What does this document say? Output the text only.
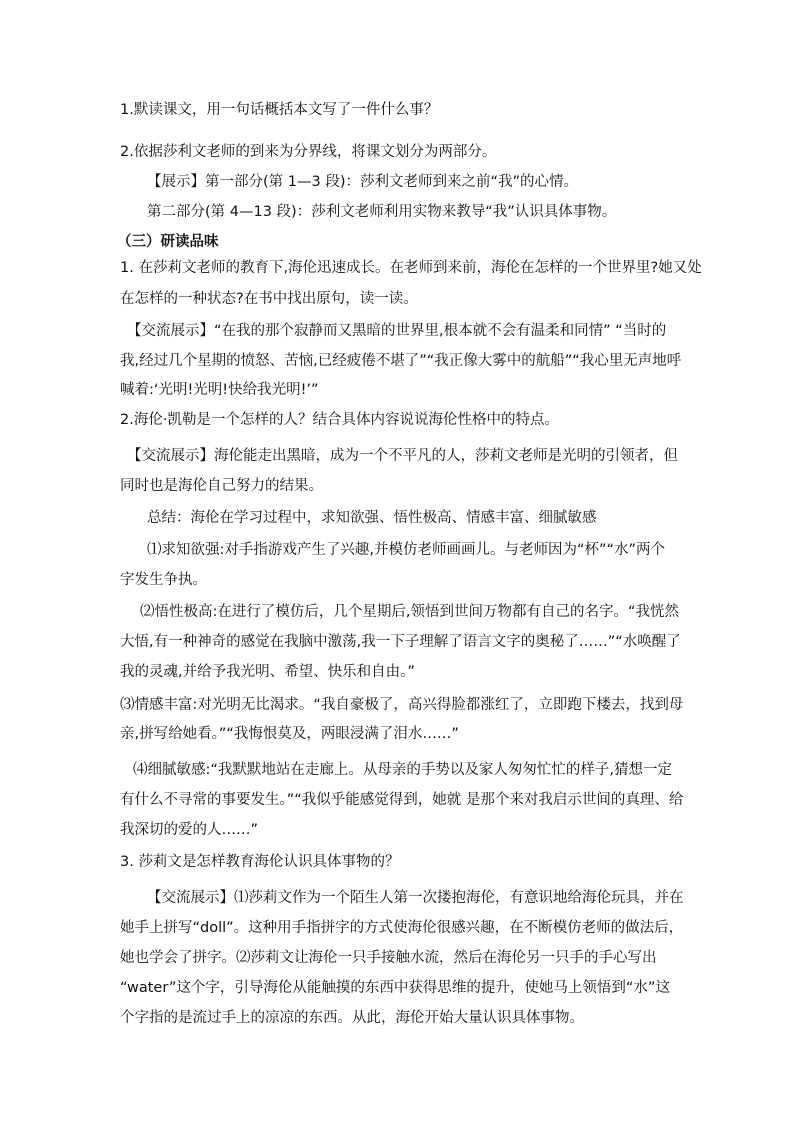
1.默读课文，用一句话概括本文写了一件什么事？
2.依据莎利文老师的到来为分界线，将课文划分为两部分。
【展示】第一部分(第 1—3 段)：莎利文老师到来之前“我”的心情。
第二部分(第 4—13 段)：莎利文老师利用实物来教导“我”认识具体事物。
（三）研读品味
1. 在莎莉文老师的教育下,海伦迅速成长。在老师到来前，海伦在怎样的一个世界里?她又处
在怎样的一种状态?在书中找出原句，读一读。
【交流展示】“在我的那个寂静而又黑暗的世界里,根本就不会有温柔和同情” “当时的
我,经过几个星期的愤怒、苦恼,已经疲倦不堪了”“我正像大雾中的航船”“我心里无声地呼
喊着:‘光明!光明!快给我光明!’”
2.海伦·凯勒是一个怎样的人？结合具体内容说说海伦性格中的特点。
【交流展示】海伦能走出黑暗，成为一个不平凡的人，莎莉文老师是光明的引领者，但
同时也是海伦自己努力的结果。
总结：海伦在学习过程中，求知欲强、悟性极高、情感丰富、细腻敏感
⑴求知欲强:对手指游戏产生了兴趣,并模仿老师画画儿。与老师因为“杯”“水”两个
字发生争执。
⑵悟性极高:在进行了模仿后，几个星期后,领悟到世间万物都有自己的名字。“我恍然
大悟,有一种神奇的感觉在我脑中激荡,我一下子理解了语言文字的奥秘了……”“水唤醒了
我的灵魂,并给予我光明、希望、快乐和自由。”
⑶情感丰富:对光明无比渴求。“我自豪极了，高兴得脸都涨红了，立即跑下楼去，找到母
亲,拼写给她看。”“我悔恨莫及，两眼浸满了泪水……”
⑷细腻敏感:“我默默地站在走廊上。从母亲的手势以及家人匆匆忙忙的样子,猜想一定
有什么不寻常的事要发生。”“我似乎能感觉得到，她就 是那个来对我启示世间的真理、给
我深切的爱的人……”
3. 莎莉文是怎样教育海伦认识具体事物的？
【交流展示】⑴莎莉文作为一个陌生人第一次搂抱海伦，有意识地给海伦玩具，并在
她手上拼写“doll”。这种用手指拼字的方式使海伦很感兴趣，在不断模仿老师的做法后，
她也学会了拼字。⑵莎莉文让海伦一只手接触水流，然后在海伦另一只手的手心写出
“water”这个字，引导海伦从能触摸的东西中获得思维的提升，使她马上领悟到“水”这
个字指的是流过手上的凉凉的东西。从此，海伦开始大量认识具体事物。
